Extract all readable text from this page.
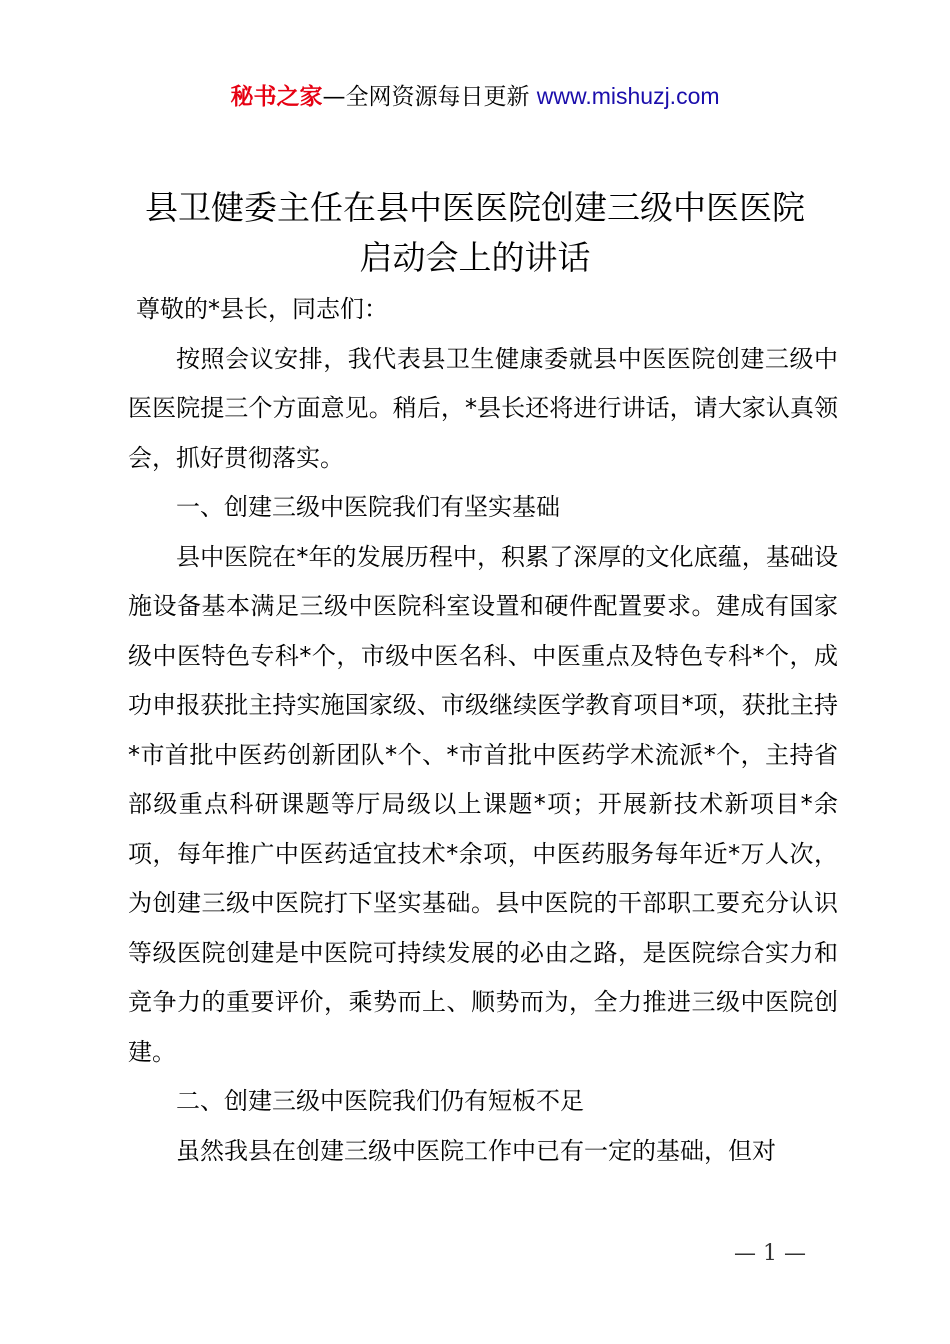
秘书之家—全网资源每日更新 www.mishuzj.com
县卫健委主任在县中医医院创建三级中医医院
启动会上的讲话

尊敬的*县长，同志们：

按照会议安排，我代表县卫生健康委就县中医医院创建三级中医医院提三个方面意见。稍后，*县长还将进行讲话，请大家认真领会，抓好贯彻落实。

一、创建三级中医院我们有坚实基础

县中医院在*年的发展历程中，积累了深厚的文化底蕴，基础设施设备基本满足三级中医院科室设置和硬件配置要求。建成有国家级中医特色专科*个，市级中医名科、中医重点及特色专科*个，成功申报获批主持实施国家级、市级继续医学教育项目*项，获批主持*市首批中医药创新团队*个、*市首批中医药学术流派*个，主持省部级重点科研课题等厅局级以上课题*项；开展新技术新项目*余项，每年推广中医药适宜技术*余项，中医药服务每年近*万人次，为创建三级中医院打下坚实基础。县中医院的干部职工要充分认识等级医院创建是中医院可持续发展的必由之路，是医院综合实力和竞争力的重要评价，乘势而上、顺势而为，全力推进三级中医院创建。

二、创建三级中医院我们仍有短板不足

虽然我县在创建三级中医院工作中已有一定的基础，但对

— 1 —
